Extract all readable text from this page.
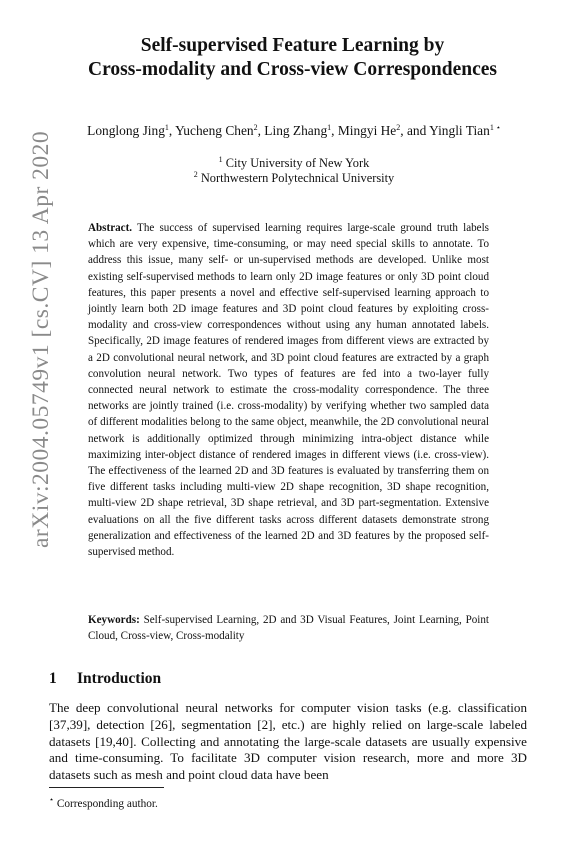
arXiv:2004.05749v1 [cs.CV] 13 Apr 2020
Self-supervised Feature Learning by
Cross-modality and Cross-view Correspondences
Longlong Jing$^1$, Yucheng Chen$^2$, Ling Zhang$^1$, Mingyi He$^2$, and Yingli Tian$^{1 ⋆}$
$^1$ City University of New York
$^2$ Northwestern Polytechnical University

Abstract. The success of supervised learning requires large-scale ground truth labels which are very expensive, time-consuming, or may need special skills to annotate. To address this issue, many self- or un-supervised methods are developed. Unlike most existing self-supervised methods to learn only 2D image features or only 3D point cloud features, this paper presents a novel and effective self-supervised learning approach to jointly learn both 2D image features and 3D point cloud features by exploiting cross-modality and cross-view correspondences without using any human annotated labels. Specifically, 2D image features of rendered images from different views are extracted by a 2D convolutional neural network, and 3D point cloud features are extracted by a graph convolution neural network. Two types of features are fed into a two-layer fully connected neural network to estimate the cross-modality correspondence. The three networks are jointly trained (i.e. cross-modality) by verifying whether two sampled data of different modalities belong to the same object, meanwhile, the 2D convolutional neural network is additionally optimized through minimizing intra-object distance while maximizing inter-object distance of rendered images in different views (i.e. cross-view). The effectiveness of the learned 2D and 3D features is evaluated by transferring them on five different tasks including multi-view 2D shape recognition, 3D shape recognition, multi-view 2D shape retrieval, 3D shape retrieval, and 3D part-segmentation. Extensive evaluations on all the five different tasks across different datasets demonstrate strong generalization and effectiveness of the learned 2D and 3D features by the proposed self-supervised method.

Keywords: Self-supervised Learning, 2D and 3D Visual Features, Joint Learning, Point Cloud, Cross-view, Cross-modality

1 Introduction

The deep convolutional neural networks for computer vision tasks (e.g. classification [37,39], detection [26], segmentation [2], etc.) are highly relied on large-scale labeled datasets [19,40]. Collecting and annotating the large-scale datasets are usually expensive and time-consuming. To facilitate 3D computer vision research, more and more 3D datasets such as mesh and point cloud data have been

⋆ Corresponding author.
